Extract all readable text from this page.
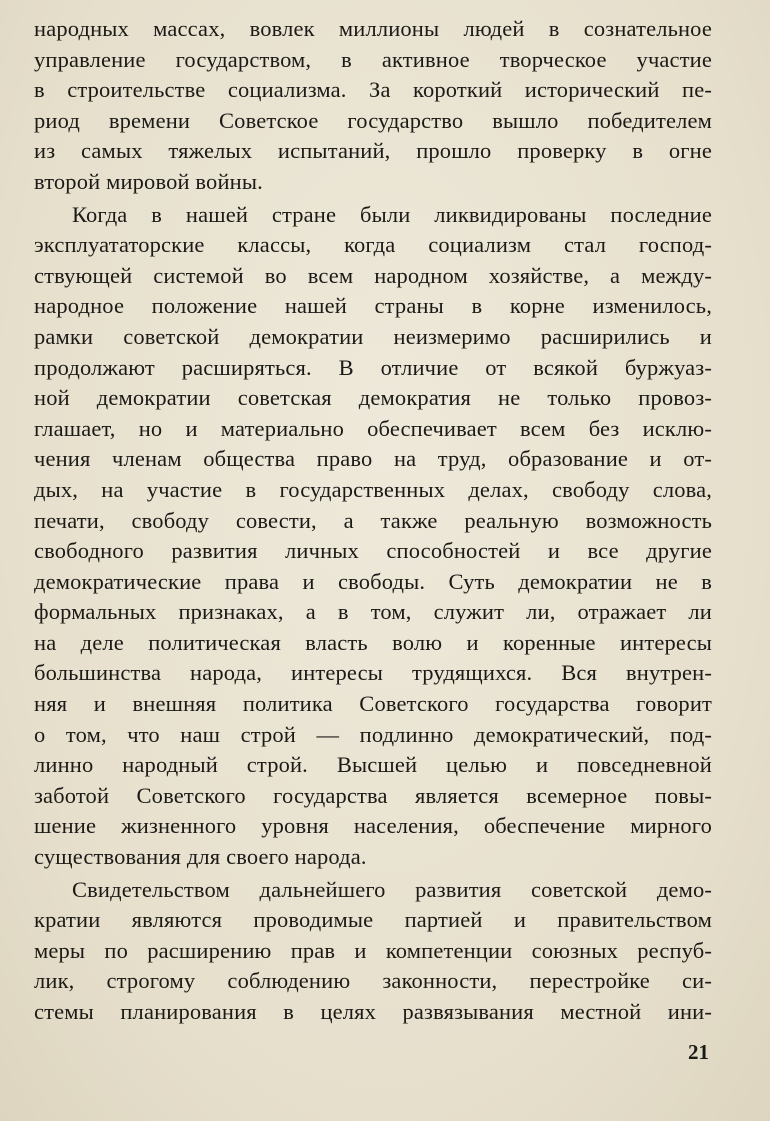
народных массах, вовлек миллионы людей в сознательное
управление государством, в активное творческое участие
в строительстве социализма. За короткий исторический пе-
риод времени Советское государство вышло победителем
из самых тяжелых испытаний, прошло проверку в огне
второй мировой войны.
Когда в нашей стране были ликвидированы последние
эксплуататорские классы, когда социализм стал господ-
ствующей системой во всем народном хозяйстве, а между-
народное положение нашей страны в корне изменилось,
рамки советской демократии неизмеримо расширились и
продолжают расширяться. В отличие от всякой буржуаз-
ной демократии советская демократия не только провоз-
глашает, но и материально обеспечивает всем без исклю-
чения членам общества право на труд, образование и от-
дых, на участие в государственных делах, свободу слова,
печати, свободу совести, а также реальную возможность
свободного развития личных способностей и все другие
демократические права и свободы. Суть демократии не в
формальных признаках, а в том, служит ли, отражает ли
на деле политическая власть волю и коренные интересы
большинства народа, интересы трудящихся. Вся внутрен-
няя и внешняя политика Советского государства говорит
о том, что наш строй — подлинно демократический, под-
линно народный строй. Высшей целью и повседневной
заботой Советского государства является всемерное повы-
шение жизненного уровня населения, обеспечение мирного
существования для своего народа.
Свидетельством дальнейшего развития советской демо-
кратии являются проводимые партией и правительством
меры по расширению прав и компетенции союзных респуб-
лик, строгому соблюдению законности, перестройке си-
стемы планирования в целях развязывания местной ини-
21
